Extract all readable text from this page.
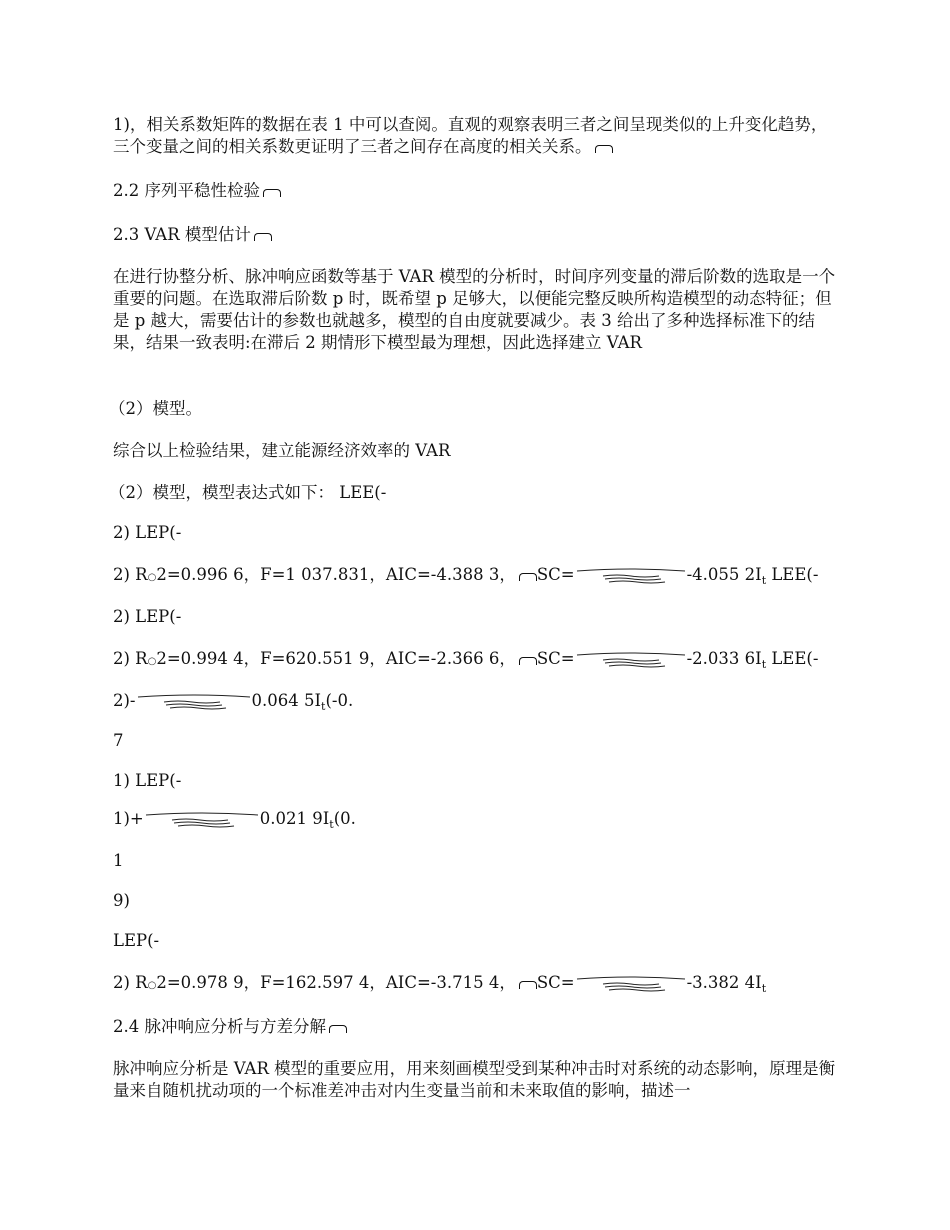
1)，相关系数矩阵的数据在表 1 中可以查阅。直观的观察表明三者之间呈现类似的上升变化趋势，三个变量之间的相关系数更证明了三者之间存在高度的相关关系。
2.2 序列平稳性检验
2.3 VAR 模型估计
在进行协整分析、脉冲响应函数等基于 VAR 模型的分析时，时间序列变量的滞后阶数的选取是一个重要的问题。在选取滞后阶数 p 时，既希望 p 足够大，以便能完整反映所构造模型的动态特征；但是 p 越大，需要估计的参数也就越多，模型的自由度就要减少。表 3 给出了多种选择标准下的结果，结果一致表明:在滞后 2 期情形下模型最为理想，因此选择建立 VAR
（2）模型。
综合以上检验结果，建立能源经济效率的 VAR
（2）模型，模型表达式如下： LEE(-
2) LEP(-
2) R○2=0.996 6，F=1 037.831，AIC=-4.388 3， SC=	-4.055 $2I_t$ LEE(-
2) LEP(-
2) R○2=0.994 4，F=620.551 9，AIC=-2.366 6， SC=	-2.033 $6I_t$ LEE(-
2)-	0.064 $5I_t(-0$.
7
1) LEP(-
1)+	0.021 $9I_t(0$.
1
9)
LEP(-
2) R○2=0.978 9，F=162.597 4，AIC=-3.715 4， SC=	-3.382 $4I_t$
2.4 脉冲响应分析与方差分解
脉冲响应分析是 VAR 模型的重要应用，用来刻画模型受到某种冲击时对系统的动态影响，原理是衡量来自随机扰动项的一个标准差冲击对内生变量当前和未来取值的影响，描述一
